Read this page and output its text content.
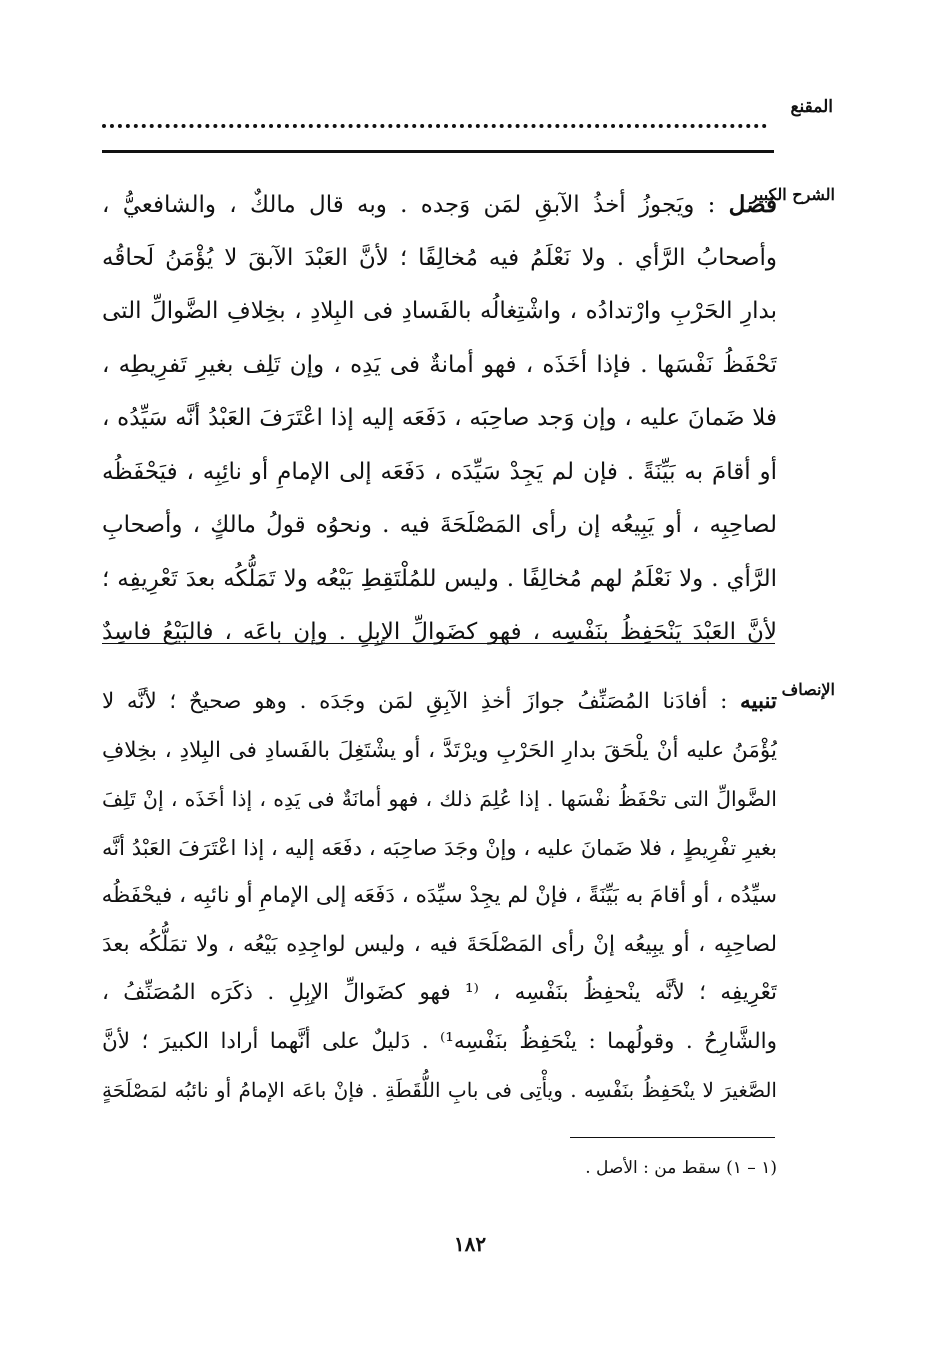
المقنع
الشرح الكبير
فصل : ويَجوزُ أخذُ الآبقِ لمَن وَجده . وبه قال مالكٌ ، والشافعيُّ ،
وأصحابُ الرَّأي . ولا نَعْلَمُ فيه مُخالِفًا ؛ لأنَّ العَبْدَ الآبقَ لا يُؤْمَنُ لَحاقُه
بدارِ الحَرْبِ وارْتدادُه ، واشْتِغالُه بالفَسادِ فى البِلادِ ، بخِلافِ الضَّوالِّ التى
تَحْفَظُ نَفْسَها . فإذا أخَذَه ، فهو أمانةٌ فى يَدِه ، وإن تَلِف بغيرِ تَفرِيطِه ،
فلا ضَمانَ عليه ، وإن وَجد صاحِبَه ، دَفَعَه إليه إذا اعْتَرَفَ العَبْدُ أنَّه سَيِّدُه ،
أو أقامَ به بَيِّنَةً . فإن لم يَجِدْ سَيِّدَه ، دَفَعَه إلى الإمامِ أو نائِبِه ، فيَحْفَظُه
لصاحِبِه ، أو يَبِيعُه إن رأى المَصْلَحَةَ فيه . ونحوُه قولُ مالكٍ ، وأصحابِ
الرَّأي . ولا نَعْلَمُ لهم مُخالِفًا . وليس للمُلْتَقِطِ بَيْعُه ولا تَمَلُّكُه بعدَ تَعْرِيفِه ؛
لأنَّ العَبْدَ يَنْحَفِظُ بنَفْسِه ، فهو كضَوالِّ الإبِلِ . وإن باعَه ، فالبَيْعُ فاسِدٌ
الإنصاف
تنبيه : أفادَنا المُصَنِّفُ جوازَ أخذِ الآبِقِ لمَن وجَدَه . وهو صحيحٌ ؛ لأنَّه لا
يُؤْمَنُ عليه أنْ يلْحَقَ بدارِ الحَرْبِ ويرْتَدَّ ، أو يشْتَغِلَ بالفَسادِ فى البِلادِ ، بخِلافِ
الضَّوالِّ التى تحْفَظُ نفْسَها . إذا عُلِمَ ذلك ، فهو أمانَةٌ فى يَدِه ، إذا أخَذَه ، إنْ تَلِفَ
بغيرِ تفْرِيطٍ ، فلا ضَمانَ عليه ، وإنْ وجَدَ صاحِبَه ، دفَعَه إليه ، إذا اعْتَرَفَ العَبْدُ أنَّه
سيِّدُه ، أو أقامَ به بَيِّنَةً ، فإنْ لم يجِدْ سيِّدَه ، دَفَعَه إلى الإمامِ أو نائبِه ، فيحْفَظُه
لصاحِبِه ، أو يبِيعُه إنْ رأى المَصْلَحَةَ فيه ، وليس لواجِدِه بَيْعُه ، ولا تمَلُّكُه بعدَ
تَعْرِيفِه ؛ لأنَّه ينْحفِظُ بنَفْسِه ، ⁽¹ فهو كضَوالِّ الإبِلِ . ذكَرَه المُصَنِّفُ ،
والشَّارِحُ . وقولُهما : ينْحَفِظُ بنَفْسِه¹⁾ . دَليلٌ على أنَّهما أرادا الكبيرَ ؛ لأنَّ
الصَّغيرَ لا ينْحَفِظُ بنَفْسِه . ويأْتِى فى بابِ اللُّقَطَةِ . فإنْ باعَه الإمامُ أو نائبُه لمَصْلَحَةٍ
(١ – ١) سقط من : الأصل .
١٨٢
